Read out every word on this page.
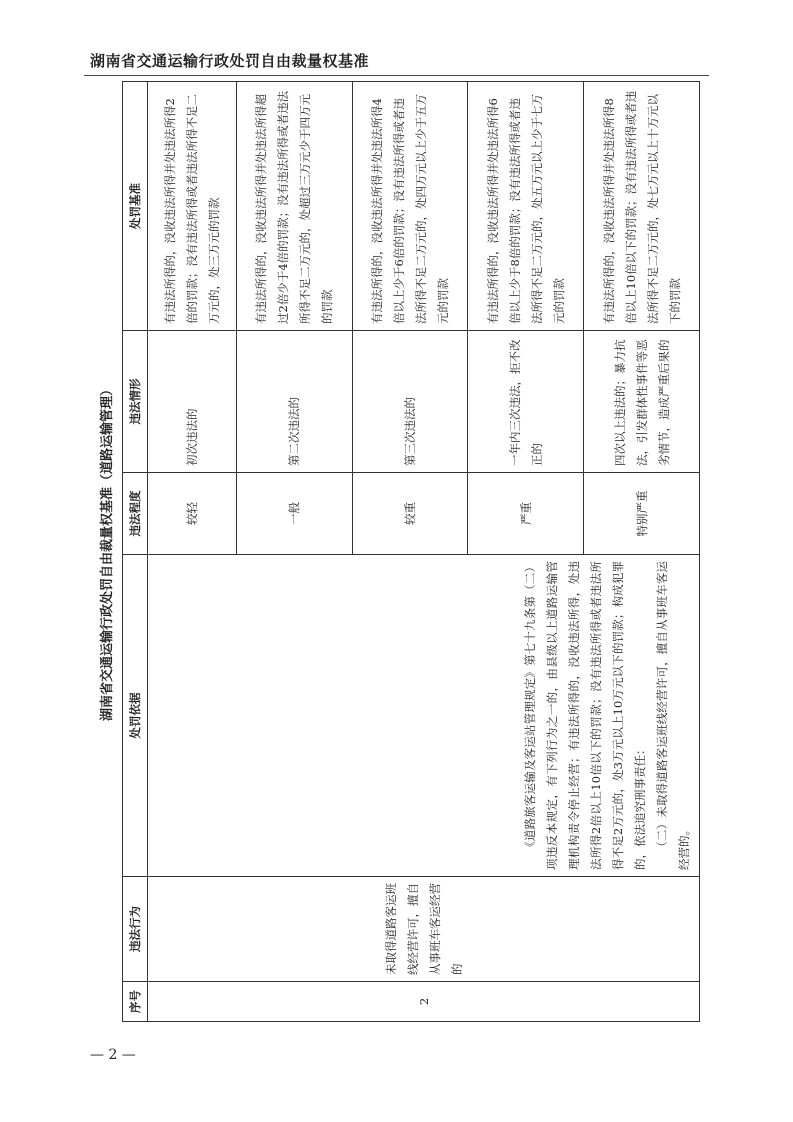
湖南省交通运输行政处罚自由裁量权基准
湖南省交通运输行政处罚自由裁量权基准（道路运输管理）
序号	违法行为	处罚依据	违法程度	违法情形	处罚基准
2	未取得道路客运班线经营许可，擅自从事班车客运经营的	《道路旅客运输及客运站管理规定》第七十九条第（二）项违反本规定，有下列行为之一的，由县级以上道路运输管理机构责令停止经营；有违法所得的，没收违法所得，处违法所得2倍以上10倍以下的罚款；没有违法所得或者违法所得不足2万元的，处3万元以上10万元以下的罚款；构成犯罪的，依法追究刑事责任： （二）未取得道路客运班线经营许可，擅自从事班车客运经营的。	较轻	初次违法的	有违法所得的，没收违法所得并处违法所得2倍的罚款；没有违法所得或者违法所得不足二万元的，处三万元的罚款
			一般	第二次违法的	有违法所得的，没收违法所得并处违法所得超过2倍少于4倍的罚款；没有违法所得或者违法所得不足二万元的，处超过三万元少于四万元的罚款
			较重	第三次违法的	有违法所得的，没收违法所得并处违法所得4倍以上少于6倍的罚款；没有违法所得或者违法所得不足二万元的，处四万元以上少于五万元的罚款
			严重	一年内三次违法，拒不改正的	有违法所得的，没收违法所得并处违法所得6倍以上少于8倍的罚款；没有违法所得或者违法所得不足二万元的，处五万元以上少于七万元的罚款
			特别严重	四次以上违法的；暴力抗法，引发群体性事件等恶劣情节，造成严重后果的	有违法所得的，没收违法所得并处违法所得8倍以上10倍以下的罚款；没有违法所得或者违法所得不足二万元的，处七万元以上十万元以下的罚款
— 2 —
